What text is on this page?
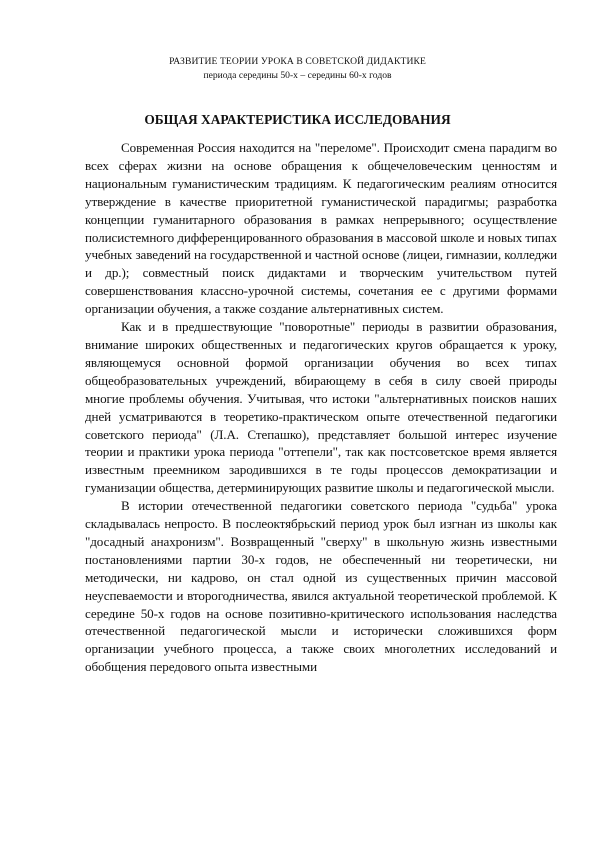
РАЗВИТИЕ ТЕОРИИ УРОКА В СОВЕТСКОЙ ДИДАКТИКЕ
периода середины 50-х – середины 60-х годов
ОБЩАЯ ХАРАКТЕРИСТИКА ИССЛЕДОВАНИЯ

Современная Россия находится на "переломе". Происходит смена парадигм во всех сферах жизни на основе обращения к общечеловеческим ценностям и национальным гуманистическим традициям. К педагогическим реалиям относится утверждение в качестве приоритетной гуманистической парадигмы; разработка концепции гуманитарного образования в рамках непрерывного; осуществление полисистемного дифференцированного образования в массовой школе и новых типах учебных заведений на государственной и частной основе (лицеи, гимназии, колледжи и др.); совместный поиск дидактами и творческим учительством путей совершенствования классно-урочной системы, сочетания ее с другими формами организации обучения, а также создание альтернативных систем.

Как и в предшествующие "поворотные" периоды в развитии образования, внимание широких общественных и педагогических кругов обращается к уроку, являющемуся основной формой организации обучения во всех типах общеобразовательных учреждений, вбирающему в себя в силу своей природы многие проблемы обучения. Учитывая, что истоки "альтернативных поисков наших дней усматриваются в теоретико-практическом опыте отечественной педагогики советского периода" (Л.А. Степашко), представляет большой интерес изучение теории и практики урока периода "оттепели", так как постсоветское время является известным преемником зародившихся в те годы процессов демократизации и гуманизации общества, детерминирующих развитие школы и педагогической мысли.

В истории отечественной педагогики советского периода "судьба" урока складывалась непросто. В послеоктябрьский период урок был изгнан из школы как "досадный анахронизм". Возвращенный "сверху" в школьную жизнь известными постановлениями партии 30-х годов, не обеспеченный ни теоретически, ни методически, ни кадрово, он стал одной из существенных причин массовой неуспеваемости и второгодничества, явился актуальной теоретической проблемой. К середине 50-х годов на основе позитивно-критического использования наследства отечественной педагогической мысли и исторически сложившихся форм организации учебного процесса, а также своих многолетних исследований и обобщения передового опыта известными
